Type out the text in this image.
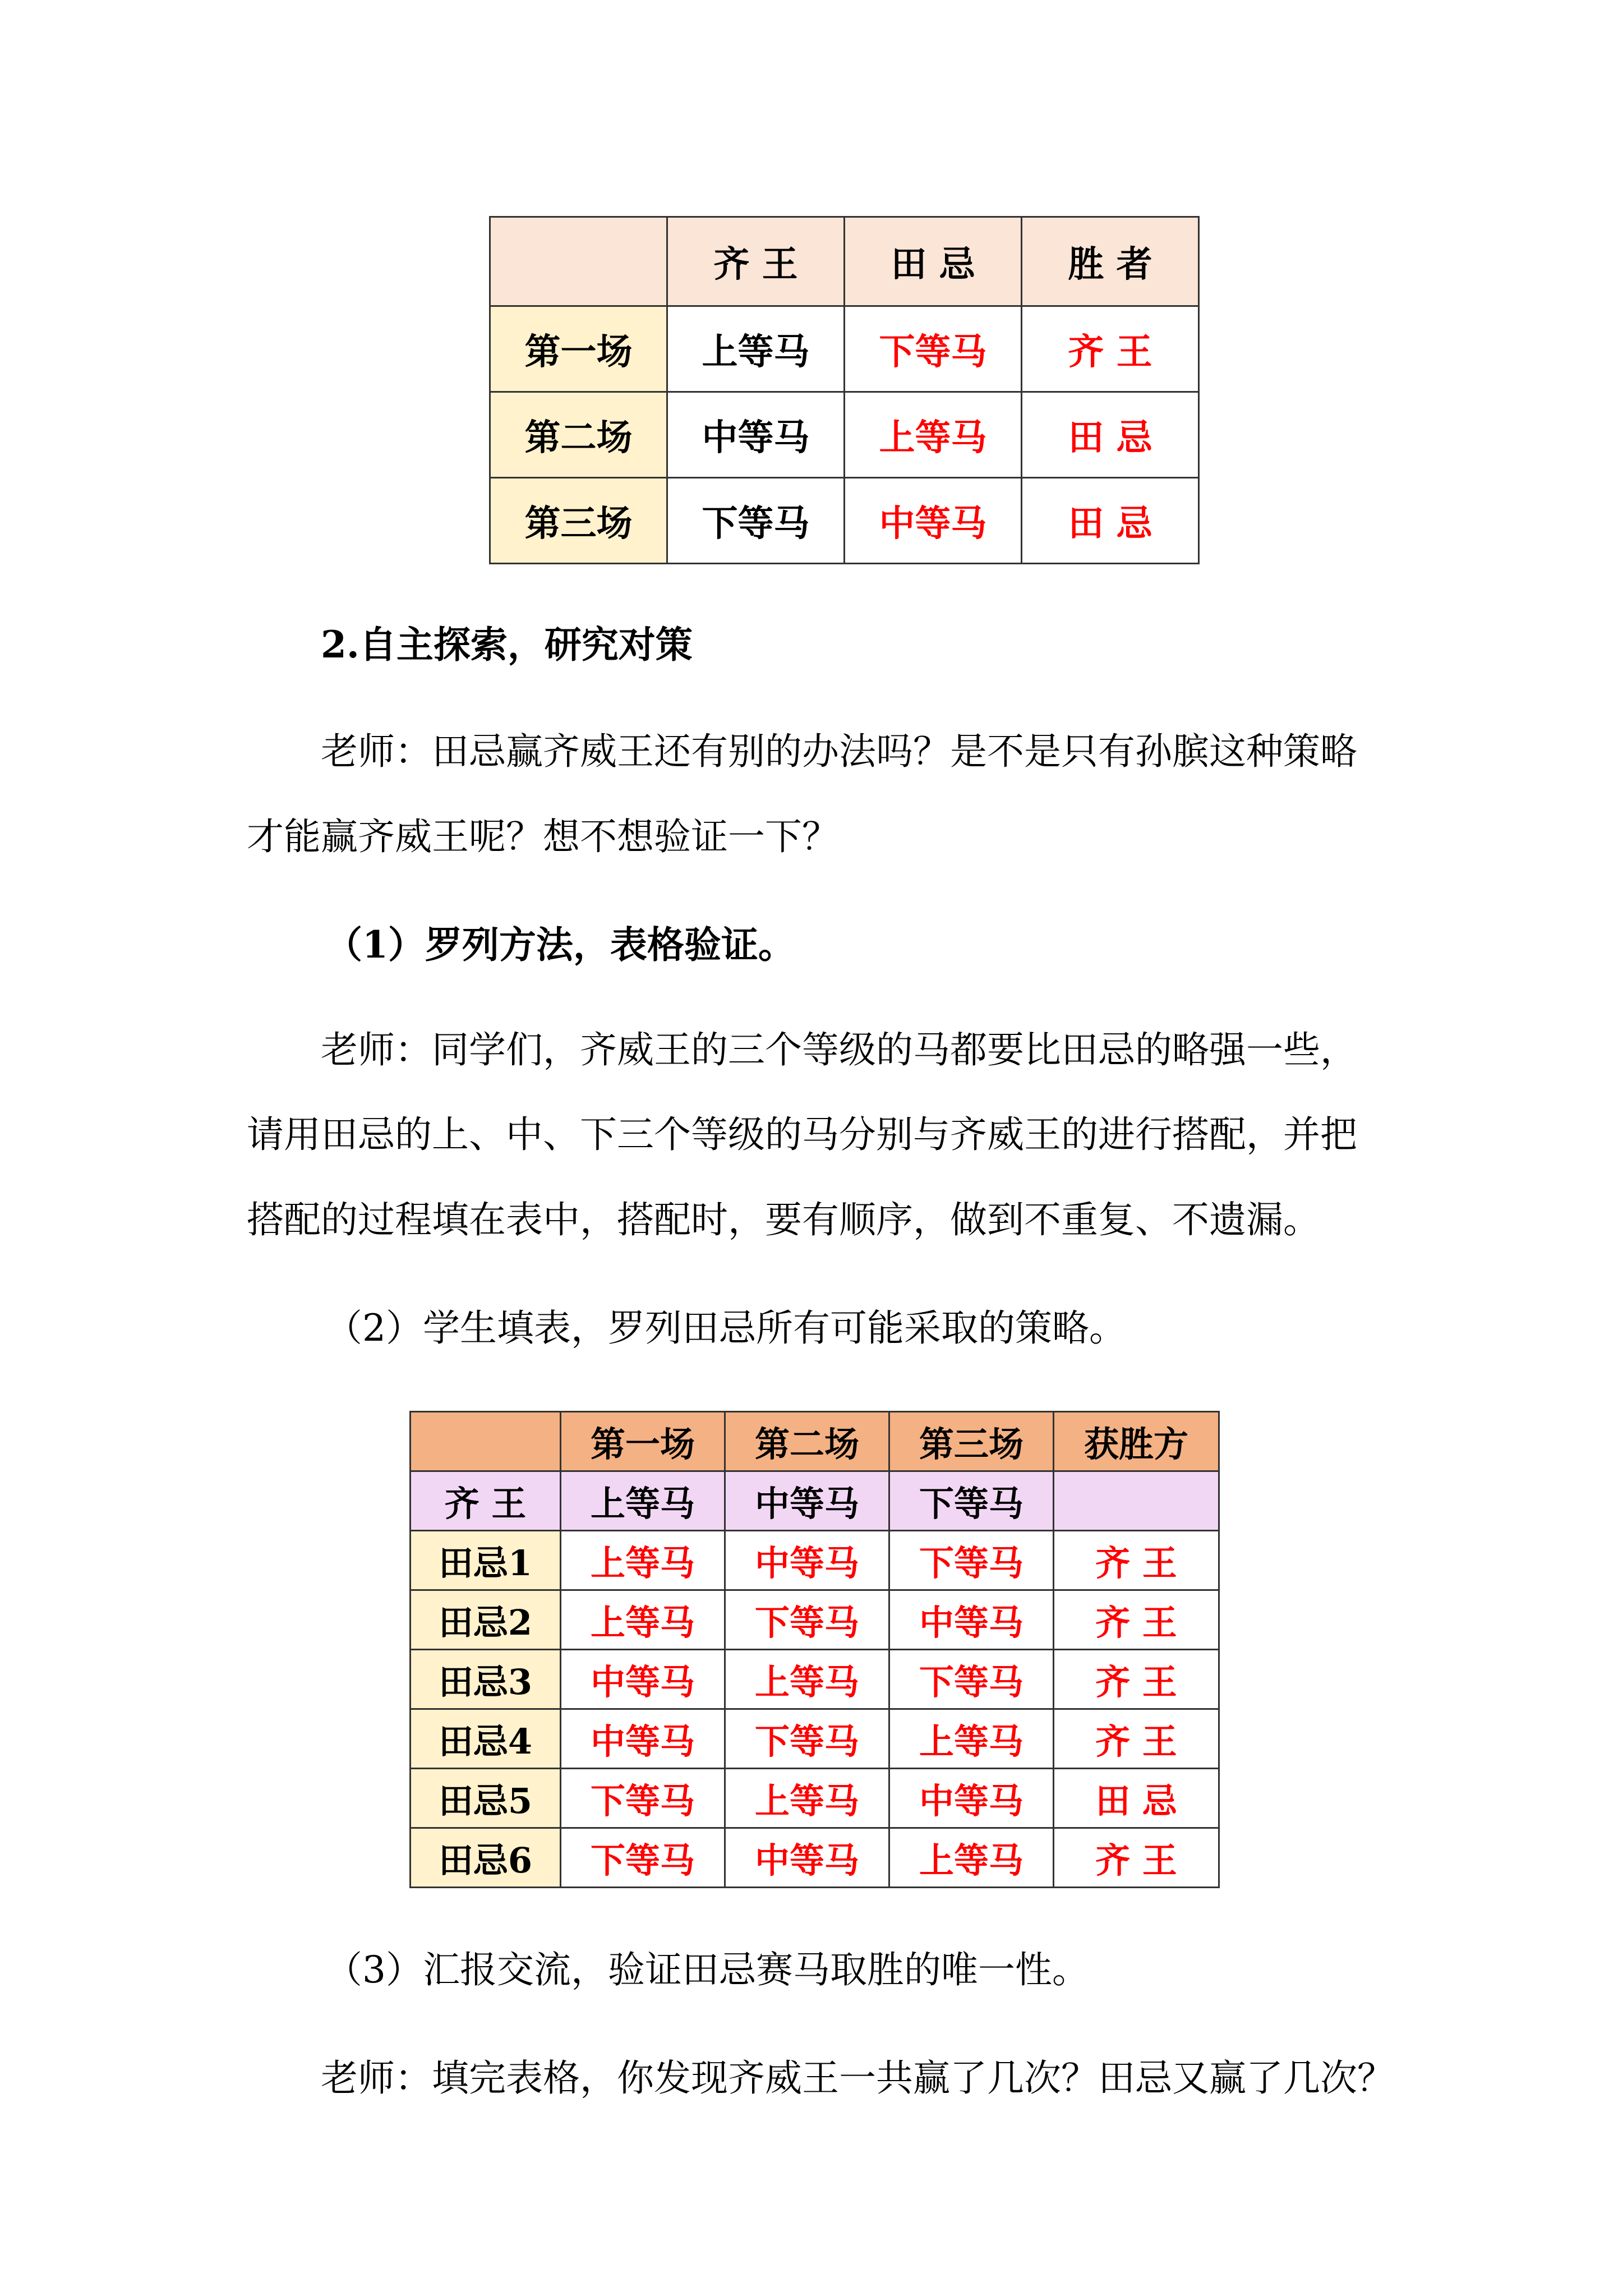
	齐 王	田 忌	胜 者
第一场	上等马	下等马	齐 王
第二场	中等马	上等马	田 忌
第三场	下等马	中等马	田 忌
2.自主探索，研究对策
老师：田忌赢齐威王还有别的办法吗？是不是只有孙膑这种策略
才能赢齐威王呢？想不想验证一下？
（1）罗列方法，表格验证。
老师：同学们，齐威王的三个等级的马都要比田忌的略强一些，
请用田忌的上、中、下三个等级的马分别与齐威王的进行搭配，并把
搭配的过程填在表中，搭配时，要有顺序，做到不重复、不遗漏。
（2）学生填表，罗列田忌所有可能采取的策略。
	第一场	第二场	第三场	获胜方
齐 王	上等马	中等马	下等马	
田忌1	上等马	中等马	下等马	齐 王
田忌2	上等马	下等马	中等马	齐 王
田忌3	中等马	上等马	下等马	齐 王
田忌4	中等马	下等马	上等马	齐 王
田忌5	下等马	上等马	中等马	田 忌
田忌6	下等马	中等马	上等马	齐 王
（3）汇报交流，验证田忌赛马取胜的唯一性。
老师：填完表格，你发现齐威王一共赢了几次？田忌又赢了几次？
